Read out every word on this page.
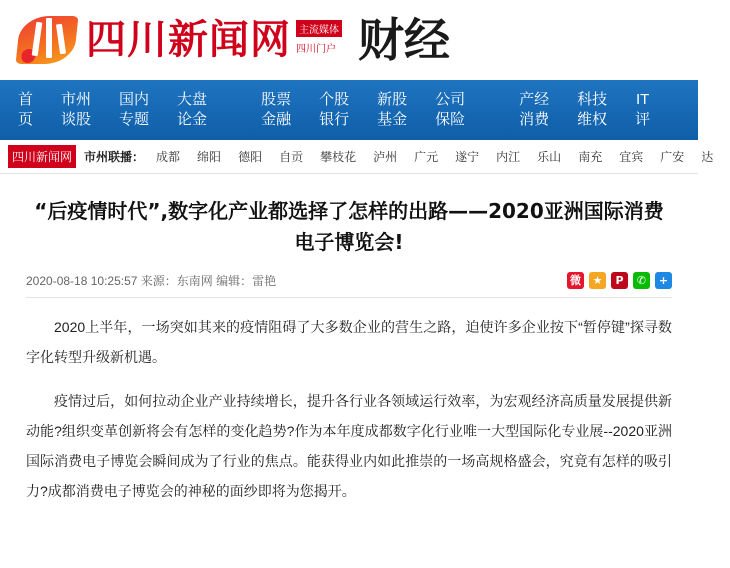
四川新闻网 主流媒体
四川门户 财经
首
页
市州
谈股
国内
专题
大盘
论金
股票
金融
个股
银行
新股
基金
公司
保险
产经
消费
科技
维权
IT
评
四川新闻网	市州联播： 成都 绵阳 德阳 自贡 攀枝花 泸州 广元 遂宁 内江 乐山 南充 宜宾 广安 达
“后疫情时代”,数字化产业都选择了怎样的出路——2020亚洲国际消费电子博览会!
2020-08-18 10:25:57 来源：东南网 编辑：雷艳	微	★	P	✆	+

2020上半年，一场突如其来的疫情阻碍了大多数企业的营生之路，迫使许多企业按下“暂停键”探寻数字化转型升级新机遇。

疫情过后，如何拉动企业产业持续增长，提升各行业各领域运行效率，为宏观经济高质量发展提供新动能?组织变革创新将会有怎样的变化趋势?作为本年度成都数字化行业唯一大型国际化专业展--2020亚洲国际消费电子博览会瞬间成为了行业的焦点。能获得业内如此推崇的一场高规格盛会，究竟有怎样的吸引力?成都消费电子博览会的神秘的面纱即将为您揭开。
